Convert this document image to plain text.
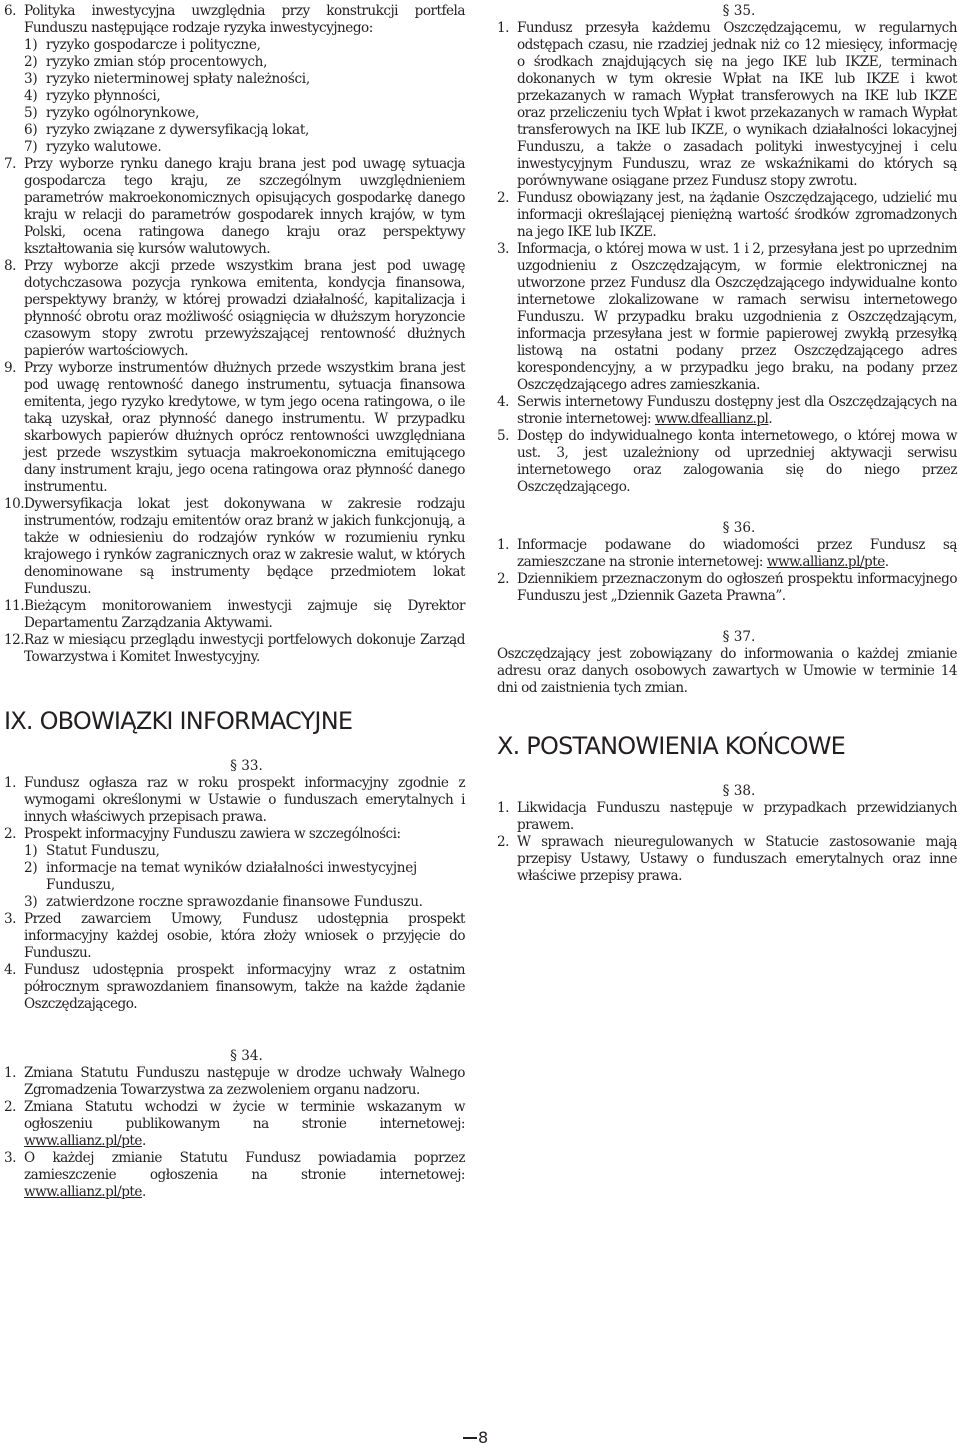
6. Polityka inwestycyjna uwzględnia przy konstrukcji portfela Funduszu następujące rodzaje ryzyka inwestycyjnego:
1) ryzyko gospodarcze i polityczne,
2) ryzyko zmian stóp procentowych,
3) ryzyko nieterminowej spłaty należności,
4) ryzyko płynności,
5) ryzyko ogólnorynkowe,
6) ryzyko związane z dywersyfikacją lokat,
7) ryzyko walutowe.
7. Przy wyborze rynku danego kraju brana jest pod uwagę sytuacja gospodarcza tego kraju, ze szczególnym uwzględnieniem parametrów makroekonomicznych opisujących gospodarkę danego kraju w relacji do parametrów gospodarek innych krajów, w tym Polski, ocena ratingowa danego kraju oraz perspektywy kształtowania się kursów walutowych.
8. Przy wyborze akcji przede wszystkim brana jest pod uwagę dotychczasowa pozycja rynkowa emitenta, kondycja finansowa, perspektywy branży, w której prowadzi działalność, kapitalizacja i płynność obrotu oraz możliwość osiągnięcia w dłuższym horyzoncie czasowym stopy zwrotu przewyższającej rentowność dłużnych papierów wartościowych.
9. Przy wyborze instrumentów dłużnych przede wszystkim brana jest pod uwagę rentowność danego instrumentu, sytuacja finansowa emitenta, jego ryzyko kredytowe, w tym jego ocena ratingowa, o ile taką uzyskał, oraz płynność danego instrumentu. W przypadku skarbowych papierów dłużnych oprócz rentowności uwzględniana jest przede wszystkim sytuacja makroekonomiczna emitującego dany instrument kraju, jego ocena ratingowa oraz płynność danego instrumentu.
10. Dywersyfikacja lokat jest dokonywana w zakresie rodzaju instrumentów, rodzaju emitentów oraz branż w jakich funkcjonują, a także w odniesieniu do rodzajów rynków w rozumieniu rynku krajowego i rynków zagranicznych oraz w zakresie walut, w których denominowane są instrumenty będące przedmiotem lokat Funduszu.
11. Bieżącym monitorowaniem inwestycji zajmuje się Dyrektor Departamentu Zarządzania Aktywami.
12. Raz w miesiącu przeglądu inwestycji portfelowych dokonuje Zarząd Towarzystwa i Komitet Inwestycyjny.
IX. OBOWIĄZKI INFORMACYJNE
§ 33.
1. Fundusz ogłasza raz w roku prospekt informacyjny zgodnie z wymogami określonymi w Ustawie o funduszach emerytalnych i innych właściwych przepisach prawa.
2. Prospekt informacyjny Funduszu zawiera w szczególności:
1) Statut Funduszu,
2) informacje na temat wyników działalności inwestycyjnej Funduszu,
3) zatwierdzone roczne sprawozdanie finansowe Funduszu.
3. Przed zawarciem Umowy, Fundusz udostępnia prospekt informacyjny każdej osobie, która złoży wniosek o przyjęcie do Funduszu.
4. Fundusz udostępnia prospekt informacyjny wraz z ostatnim półrocznym sprawozdaniem finansowym, także na każde żądanie Oszczędzającego.
§ 34.
1. Zmiana Statutu Funduszu następuje w drodze uchwały Walnego Zgromadzenia Towarzystwa za zezwoleniem organu nadzoru.
2. Zmiana Statutu wchodzi w życie w terminie wskazanym w ogłoszeniu publikowanym na stronie internetowej: www.allianz.pl/pte.
3. O każdej zmianie Statutu Fundusz powiadamia poprzez zamieszczenie ogłoszenia na stronie internetowej: www.allianz.pl/pte.
§ 35.
1. Fundusz przesyła każdemu Oszczędzającemu, w regularnych odstępach czasu, nie rzadziej jednak niż co 12 miesięcy, informację o środkach znajdujących się na jego IKE lub IKZE, terminach dokonanych w tym okresie Wpłat na IKE lub IKZE i kwot przekazanych w ramach Wypłat transferowych na IKE lub IKZE oraz przeliczeniu tych Wpłat i kwot przekazanych w ramach Wypłat transferowych na IKE lub IKZE, o wynikach działalności lokacyjnej Funduszu, a także o zasadach polityki inwestycyjnej i celu inwestycyjnym Funduszu, wraz ze wskaźnikami do których są porównywane osiągane przez Fundusz stopy zwrotu.
2. Fundusz obowiązany jest, na żądanie Oszczędzającego, udzielić mu informacji określającej pieniężną wartość środków zgromadzonych na jego IKE lub IKZE.
3. Informacja, o której mowa w ust. 1 i 2, przesyłana jest po uprzednim uzgodnieniu z Oszczędzającym, w formie elektronicznej na utworzone przez Fundusz dla Oszczędzającego indywidualne konto internetowe zlokalizowane w ramach serwisu internetowego Funduszu. W przypadku braku uzgodnienia z Oszczędzającym, informacja przesyłana jest w formie papierowej zwykłą przesyłką listową na ostatni podany przez Oszczędzającego adres korespondencyjny, a w przypadku jego braku, na podany przez Oszczędzającego adres zamieszkania.
4. Serwis internetowy Funduszu dostępny jest dla Oszczędzających na stronie internetowej: www.dfeallianz.pl.
5. Dostęp do indywidualnego konta internetowego, o której mowa w ust. 3, jest uzależniony od uprzedniej aktywacji serwisu internetowego oraz zalogowania się do niego przez Oszczędzającego.
§ 36.
1. Informacje podawane do wiadomości przez Fundusz są zamieszczane na stronie internetowej: www.allianz.pl/pte.
2. Dziennikiem przeznaczonym do ogłoszeń prospektu informacyjnego Funduszu jest „Dziennik Gazeta Prawna”.
§ 37.
Oszczędzający jest zobowiązany do informowania o każdej zmianie adresu oraz danych osobowych zawartych w Umowie w terminie 14 dni od zaistnienia tych zmian.
X. POSTANOWIENIA KOŃCOWE
§ 38.
1. Likwidacja Funduszu następuje w przypadkach przewidzianych prawem.
2. W sprawach nieuregulowanych w Statucie zastosowanie mają przepisy Ustawy, Ustawy o funduszach emerytalnych oraz inne właściwe przepisy prawa.
8
